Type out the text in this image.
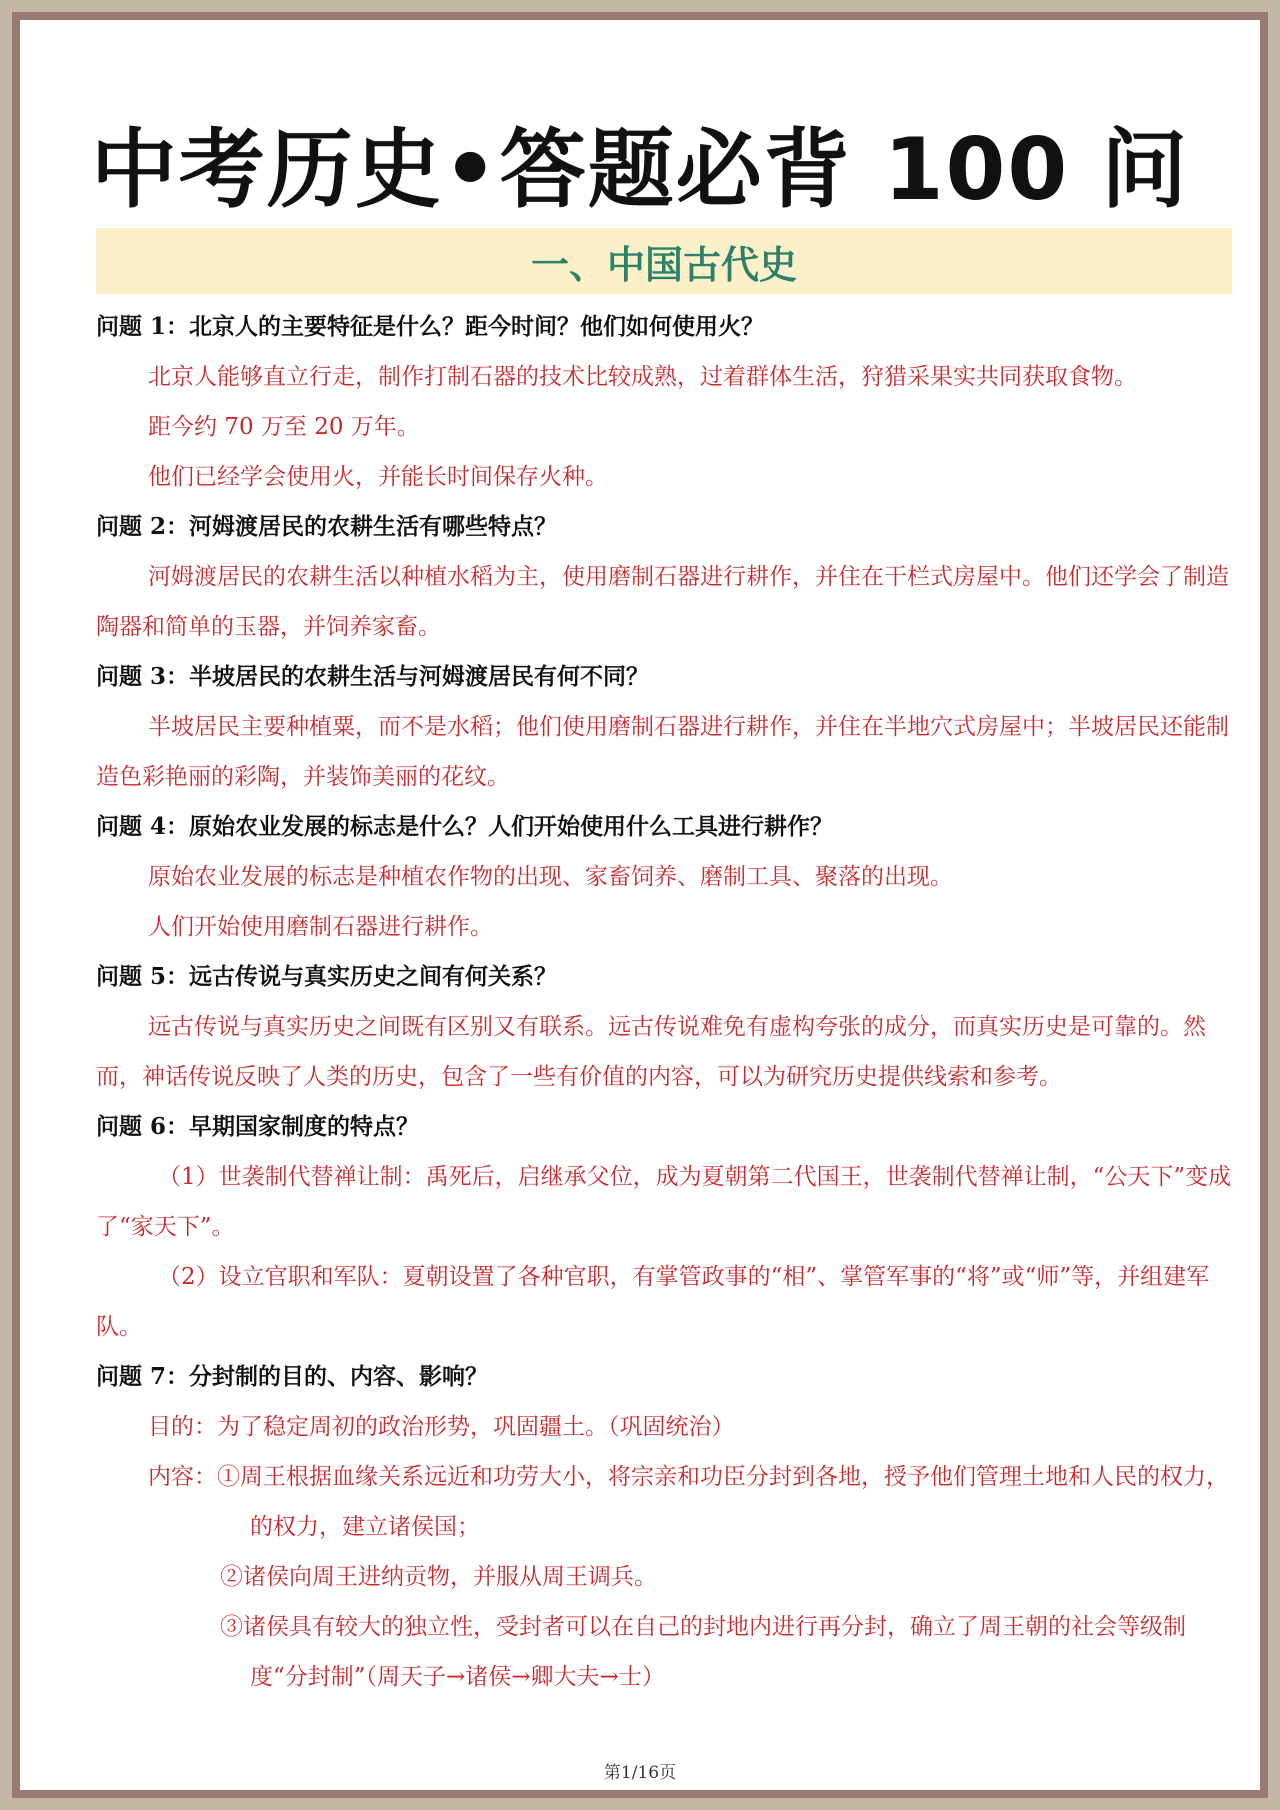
中考历史•答题必背 100 问
一、中国古代史
问题 1：北京人的主要特征是什么？距今时间？他们如何使用火？
北京人能够直立行走，制作打制石器的技术比较成熟，过着群体生活，狩猎采果实共同获取食物。
距今约 70 万至 20 万年。
他们已经学会使用火，并能长时间保存火种。
问题 2：河姆渡居民的农耕生活有哪些特点？
河姆渡居民的农耕生活以种植水稻为主，使用磨制石器进行耕作，并住在干栏式房屋中。他们还学会了制造陶器和简单的玉器，并饲养家畜。
问题 3：半坡居民的农耕生活与河姆渡居民有何不同？
半坡居民主要种植粟，而不是水稻；他们使用磨制石器进行耕作，并住在半地穴式房屋中；半坡居民还能制造色彩艳丽的彩陶，并装饰美丽的花纹。
问题 4：原始农业发展的标志是什么？人们开始使用什么工具进行耕作？
原始农业发展的标志是种植农作物的出现、家畜饲养、磨制工具、聚落的出现。
人们开始使用磨制石器进行耕作。
问题 5：远古传说与真实历史之间有何关系？
远古传说与真实历史之间既有区别又有联系。远古传说难免有虚构夸张的成分，而真实历史是可靠的。然而，神话传说反映了人类的历史，包含了一些有价值的内容，可以为研究历史提供线索和参考。
问题 6：早期国家制度的特点？
（1）世袭制代替禅让制：禹死后，启继承父位，成为夏朝第二代国王，世袭制代替禅让制，“公天下”变成了“家天下”。
（2）设立官职和军队：夏朝设置了各种官职，有掌管政事的“相”、掌管军事的“将”或“师”等，并组建军队。
问题 7：分封制的目的、内容、影响？
目的：为了稳定周初的政治形势，巩固疆土。（巩固统治）
内容：①周王根据血缘关系远近和功劳大小，将宗亲和功臣分封到各地，授予他们管理土地和人民的权力，的权力，建立诸侯国；
②诸侯向周王进纳贡物，并服从周王调兵。
③诸侯具有较大的独立性，受封者可以在自己的封地内进行再分封，确立了周王朝的社会等级制度“分封制”（周天子→诸侯→卿大夫→士）
第1/16页
